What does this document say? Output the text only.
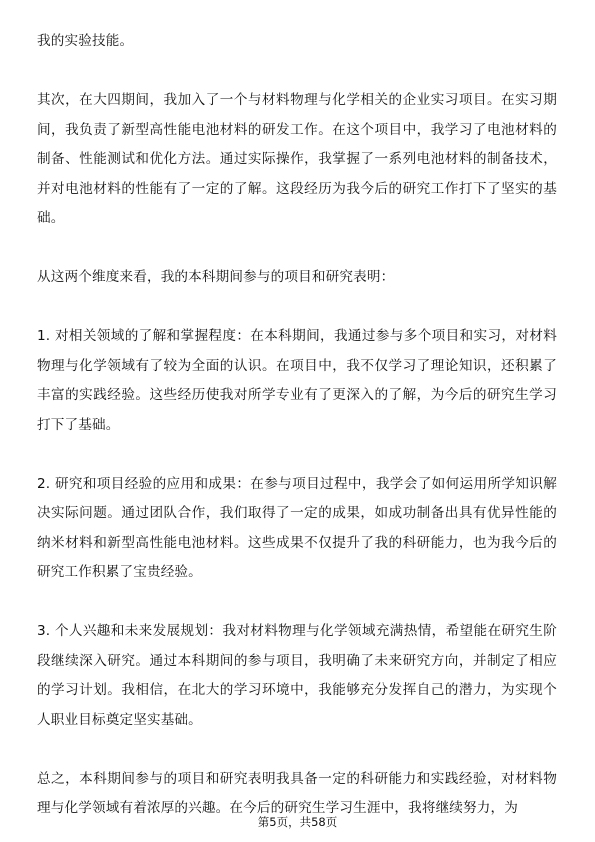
我的实验技能。

其次，在大四期间，我加入了一个与材料物理与化学相关的企业实习项目。在实习期间，我负责了新型高性能电池材料的研发工作。在这个项目中，我学习了电池材料的制备、性能测试和优化方法。通过实际操作，我掌握了一系列电池材料的制备技术，并对电池材料的性能有了一定的了解。这段经历为我今后的研究工作打下了坚实的基础。

从这两个维度来看，我的本科期间参与的项目和研究表明：

1. 对相关领域的了解和掌握程度：在本科期间，我通过参与多个项目和实习，对材料物理与化学领域有了较为全面的认识。在项目中，我不仅学习了理论知识，还积累了丰富的实践经验。这些经历使我对所学专业有了更深入的了解，为今后的研究生学习打下了基础。

2. 研究和项目经验的应用和成果：在参与项目过程中，我学会了如何运用所学知识解决实际问题。通过团队合作，我们取得了一定的成果，如成功制备出具有优异性能的纳米材料和新型高性能电池材料。这些成果不仅提升了我的科研能力，也为我今后的研究工作积累了宝贵经验。

3. 个人兴趣和未来发展规划：我对材料物理与化学领域充满热情，希望能在研究生阶段继续深入研究。通过本科期间的参与项目，我明确了未来研究方向，并制定了相应的学习计划。我相信，在北大的学习环境中，我能够充分发挥自己的潜力，为实现个人职业目标奠定坚实基础。

总之，本科期间参与的项目和研究表明我具备一定的科研能力和实践经验，对材料物理与化学领域有着浓厚的兴趣。在今后的研究生学习生涯中，我将继续努力，为

第5页，共58页
